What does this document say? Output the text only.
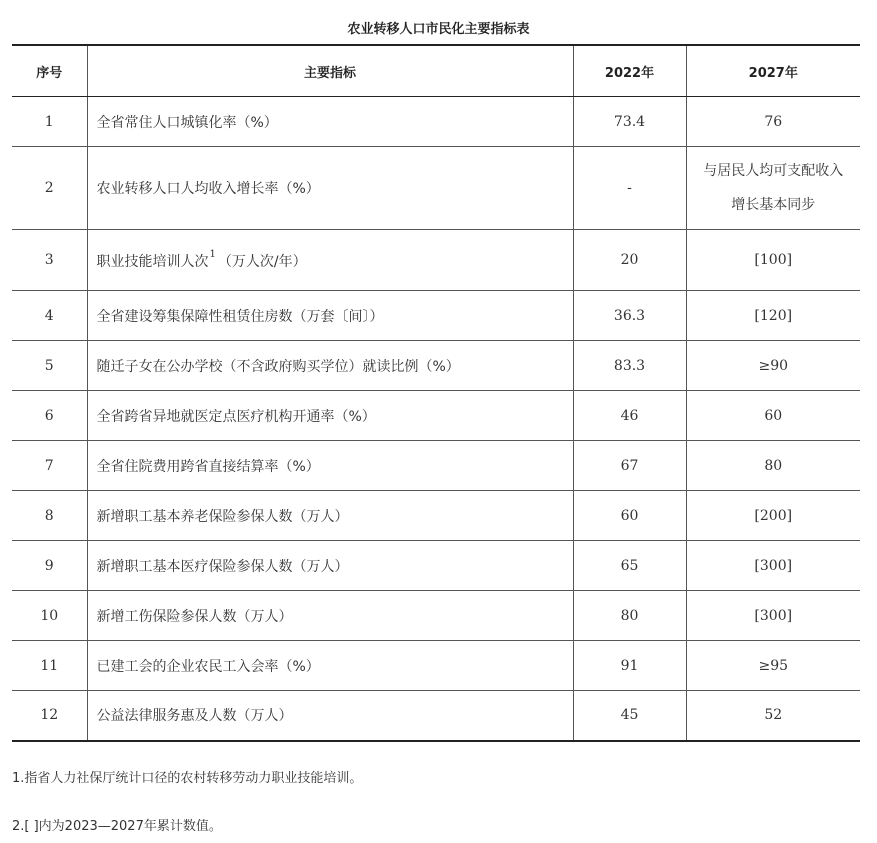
农业转移人口市民化主要指标表
序号	主要指标	2022年	2027年
1	全省常住人口城镇化率（%）	73.4	76
2	农业转移人口人均收入增长率（%）	-	与居民人均可支配收入增长基本同步
3	职业技能培训人次$^1$ （万人次/年）	20	[100]
4	全省建设筹集保障性租赁住房数（万套〔间〕）	36.3	[120]
5	随迁子女在公办学校（不含政府购买学位）就读比例（%）	83.3	≥90
6	全省跨省异地就医定点医疗机构开通率（%）	46	60
7	全省住院费用跨省直接结算率（%）	67	80
8	新增职工基本养老保险参保人数（万人）	60	[200]
9	新增职工基本医疗保险参保人数（万人）	65	[300]
10	新增工伤保险参保人数（万人）	80	[300]
11	已建工会的企业农民工入会率（%）	91	≥95
12	公益法律服务惠及人数（万人）	45	52
1.指省人力社保厅统计口径的农村转移劳动力职业技能培训。
2.[ ]内为2023—2027年累计数值。
